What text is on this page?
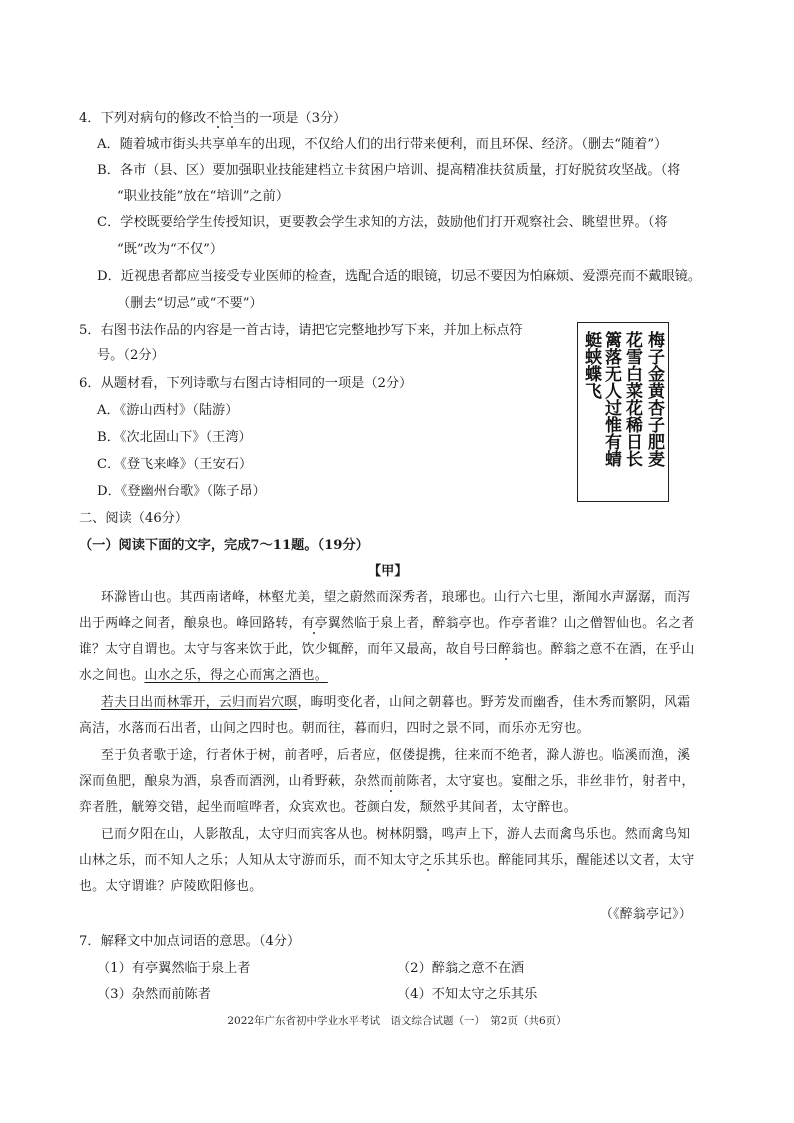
4．下列对病句的修改不恰当的一项是（3分）
A．随着城市街头共享单车的出现，不仅给人们的出行带来便利，而且环保、经济。（删去“随着”）
B．各市（县、区）要加强职业技能建档立卡贫困户培训、提高精准扶贫质量，打好脱贫攻坚战。（将
“职业技能”放在“培训”之前）
C．学校既要给学生传授知识，更要教会学生求知的方法，鼓励他们打开观察社会、眺望世界。（将
“既”改为“不仅”）
D．近视患者都应当接受专业医师的检查，选配合适的眼镜，切忌不要因为怕麻烦、爱漂亮而不戴眼镜。
（删去“切忌”或“不要”）
5．右图书法作品的内容是一首古诗，请把它完整地抄写下来，并加上标点符
号。（2分）
6．从题材看，下列诗歌与右图古诗相同的一项是（2分）
A．《游山西村》（陆游）
B．《次北固山下》（王湾）
C．《登飞来峰》（王安石）
D．《登幽州台歌》（陈子昂）
梅子金黄杏子肥麦
花雪白菜花稀日长
篱落无人过惟有蜻
蜓蛱蝶飞
二、阅读（46分）
（一）阅读下面的文字，完成7～11题。（19分）
【甲】
环滁皆山也。其西南诸峰，林壑尤美，望之蔚然而深秀者，琅琊也。山行六七里，渐闻水声潺潺，而泻
出于两峰之间者，酿泉也。峰回路转，有亭翼然临于泉上者，醉翁亭也。作亭者谁？山之僧智仙也。名之者
谁？太守自谓也。太守与客来饮于此，饮少辄醉，而年又最高，故自号曰醉翁也。醉翁之意不在酒，在乎山
水之间也。山水之乐，得之心而寓之酒也。
若夫日出而林霏开，云归而岩穴暝，晦明变化者，山间之朝暮也。野芳发而幽香，佳木秀而繁阴，风霜
高洁，水落而石出者，山间之四时也。朝而往，暮而归，四时之景不同，而乐亦无穷也。
至于负者歌于途，行者休于树，前者呼，后者应，伛偻提携，往来而不绝者，滁人游也。临溪而渔，溪
深而鱼肥，酿泉为酒，泉香而酒洌，山肴野蔌，杂然而前陈者，太守宴也。宴酣之乐，非丝非竹，射者中，
弈者胜，觥筹交错，起坐而喧哗者，众宾欢也。苍颜白发，颓然乎其间者，太守醉也。
已而夕阳在山，人影散乱，太守归而宾客从也。树林阴翳，鸣声上下，游人去而禽鸟乐也。然而禽鸟知
山林之乐，而不知人之乐；人知从太守游而乐，而不知太守之乐其乐也。醉能同其乐，醒能述以文者，太守
也。太守谓谁？庐陵欧阳修也。
（《醉翁亭记》）
7．解释文中加点词语的意思。（4分）
（1）有亭翼然临于泉上者	（2）醉翁之意不在酒
（3）杂然而前陈者	（4）不知太守之乐其乐
2022年广东省初中学业水平考试　语文综合试题（一）　第2页（共6页）
